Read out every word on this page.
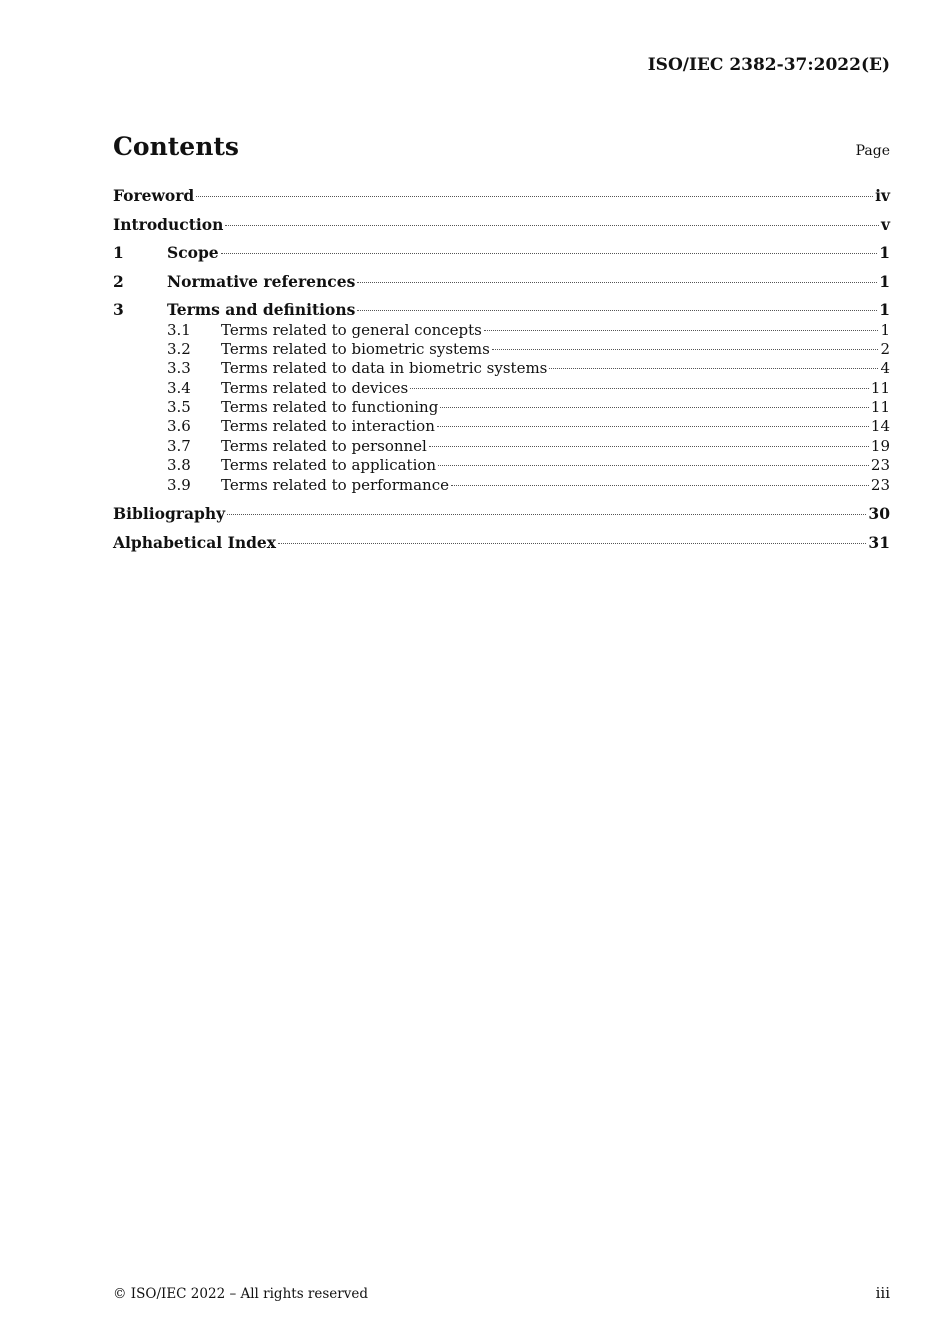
ISO/IEC 2382-37:2022(E)
Contents	Page
Foreword	iv
Introduction	v
1	Scope	1
2	Normative references	1
3	Terms and definitions	1
3.1	Terms related to general concepts	1
3.2	Terms related to biometric systems	2
3.3	Terms related to data in biometric systems	4
3.4	Terms related to devices	11
3.5	Terms related to functioning	11
3.6	Terms related to interaction	14
3.7	Terms related to personnel	19
3.8	Terms related to application	23
3.9	Terms related to performance	23
Bibliography	30
Alphabetical Index	31
© ISO/IEC 2022 – All rights reserved	iii
